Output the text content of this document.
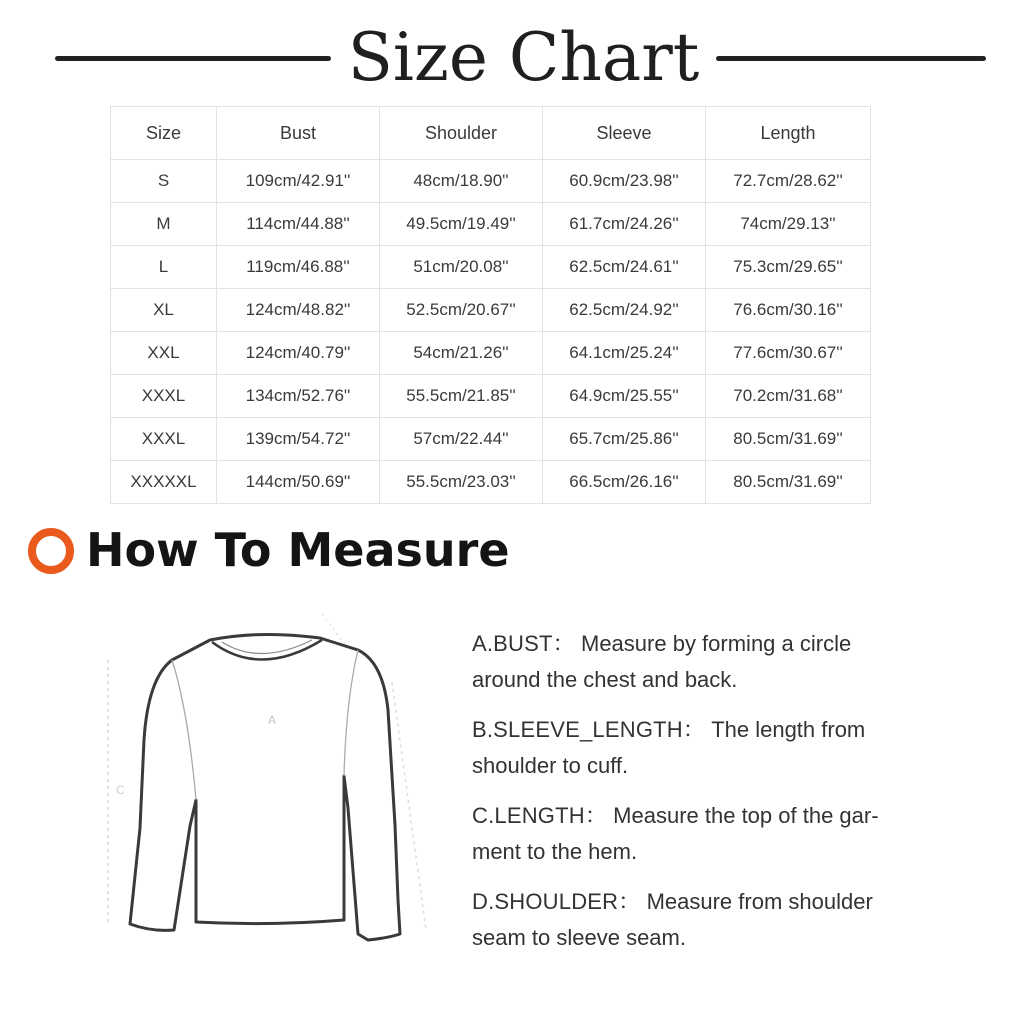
Size Chart
Size	Bust	Shoulder	Sleeve	Length
S	109cm/42.91''	48cm/18.90''	60.9cm/23.98''	72.7cm/28.62''
M	114cm/44.88''	49.5cm/19.49''	61.7cm/24.26''	74cm/29.13''
L	119cm/46.88''	51cm/20.08''	62.5cm/24.61''	75.3cm/29.65''
XL	124cm/48.82''	52.5cm/20.67''	62.5cm/24.92''	76.6cm/30.16''
XXL	124cm/40.79''	54cm/21.26''	64.1cm/25.24''	77.6cm/30.67''
XXXL	134cm/52.76''	55.5cm/21.85''	64.9cm/25.55''	70.2cm/31.68''
XXXL	139cm/54.72''	57cm/22.44''	65.7cm/25.86''	80.5cm/31.69''
XXXXXL	144cm/50.69''	55.5cm/23.03''	66.5cm/26.16''	80.5cm/31.69''
How To Measure
A
C

A.BUST： Measure by forming a circle
around the chest and back.

B.SLEEVE_LENGTH： The length from
shoulder to cuff.

C.LENGTH： Measure the top of the gar-
ment to the hem.

D.SHOULDER： Measure from shoulder
seam to sleeve seam.
